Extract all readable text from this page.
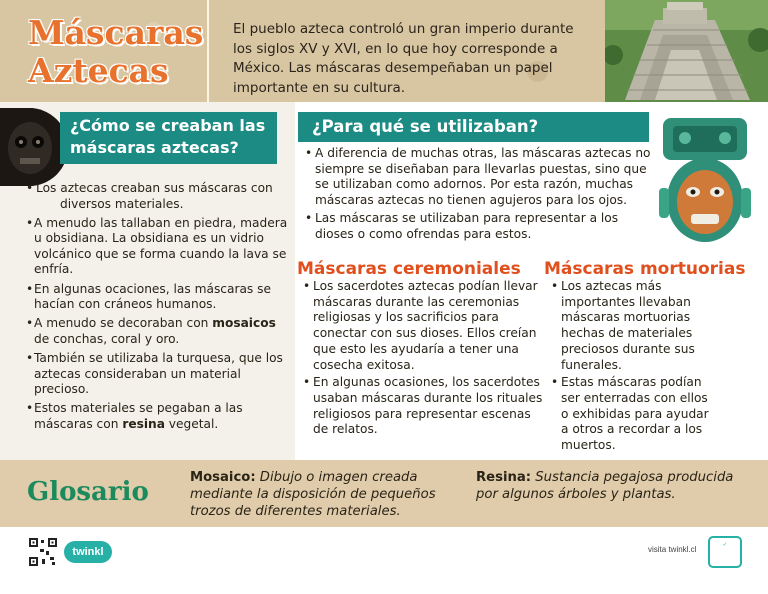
Máscaras
Aztecas
El pueblo azteca controló un gran imperio durante los siglos XV y XVI, en lo que hoy corresponde a México. Las máscaras desempeñaban un papel importante en su cultura.
¿Cómo se creaban las máscaras aztecas?
• Los aztecas creaban sus máscaras con diversos materiales.
• A menudo las tallaban en piedra, madera u obsidiana. La obsidiana es un vidrio volcánico que se forma cuando la lava se enfría.
• En algunas ocaciones, las máscaras se hacían con cráneos humanos.
• A menudo se decoraban con mosaicos de conchas, coral y oro.
• También se utilizaba la turquesa, que los aztecas consideraban un material precioso.
• Estos materiales se pegaban a las máscaras con resina vegetal.
¿Para qué se utilizaban?
• A diferencia de muchas otras, las máscaras aztecas no siempre se diseñaban para llevarlas puestas, sino que se utilizaban como adornos. Por esta razón, muchas máscaras aztecas no tienen agujeros para los ojos.
• Las máscaras se utilizaban para representar a los dioses o como ofrendas para estos.
Máscaras ceremoniales Máscaras mortuorias
• Los sacerdotes aztecas podían llevar máscaras durante las ceremonias religiosas y los sacrificios para conectar con sus dioses. Ellos creían que esto les ayudaría a tener una cosecha exitosa.
• En algunas ocasiones, los sacerdotes usaban máscaras durante los rituales religiosos para representar escenas de relatos.
• Los aztecas más importantes llevaban máscaras mortuorias hechas de materiales preciosos durante sus funerales.
• Estas máscaras podían ser enterradas con ellos o exhibidas para ayudar a otros a recordar a los muertos.
Glosario	Mosaico: Dibujo o imagen creada mediante la disposición de pequeños trozos de diferentes materiales.
Resina: Sustancia pegajosa producida por algunos árboles y plantas.
twinkl	visita twinkl.cl	✓
